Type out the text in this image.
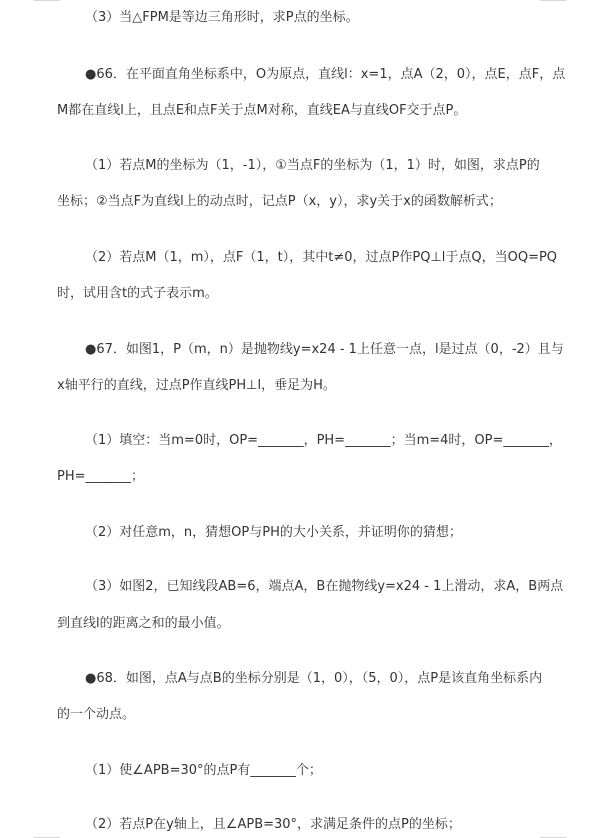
（3）当△FPM是等边三角形时，求P点的坐标。
●66．在平面直角坐标系中，O为原点，直线l：x=1，点A（2，0），点E，点F，点
M都在直线l上，且点E和点F关于点M对称，直线EA与直线OF交于点P。
（1）若点M的坐标为（1，-1），①当点F的坐标为（1，1）时，如图，求点P的
坐标；②当点F为直线l上的动点时，记点P（x，y），求y关于x的函数解析式；
（2）若点M（1，m），点F（1，t），其中t≠0，过点P作PQ⊥l于点Q，当OQ=PQ
时，试用含t的式子表示m。
●67．如图1，P（m，n）是抛物线y=x24 - 1上任意一点，l是过点（0，-2）且与
x轴平行的直线，过点P作直线PH⊥l，垂足为H。
（1）填空：当m=0时，OP=_______，PH=_______；当m=4时，OP=_______，
PH=_______；
（2）对任意m，n，猜想OP与PH的大小关系，并证明你的猜想；
（3）如图2，已知线段AB=6，端点A，B在抛物线y=x24 - 1上滑动，求A，B两点
到直线l的距离之和的最小值。
●68．如图，点A与点B的坐标分别是（1，0），（5，0），点P是该直角坐标系内
的一个动点。
（1）使∠APB=30°的点P有_______个；
（2）若点P在y轴上，且∠APB=30°，求满足条件的点P的坐标；
